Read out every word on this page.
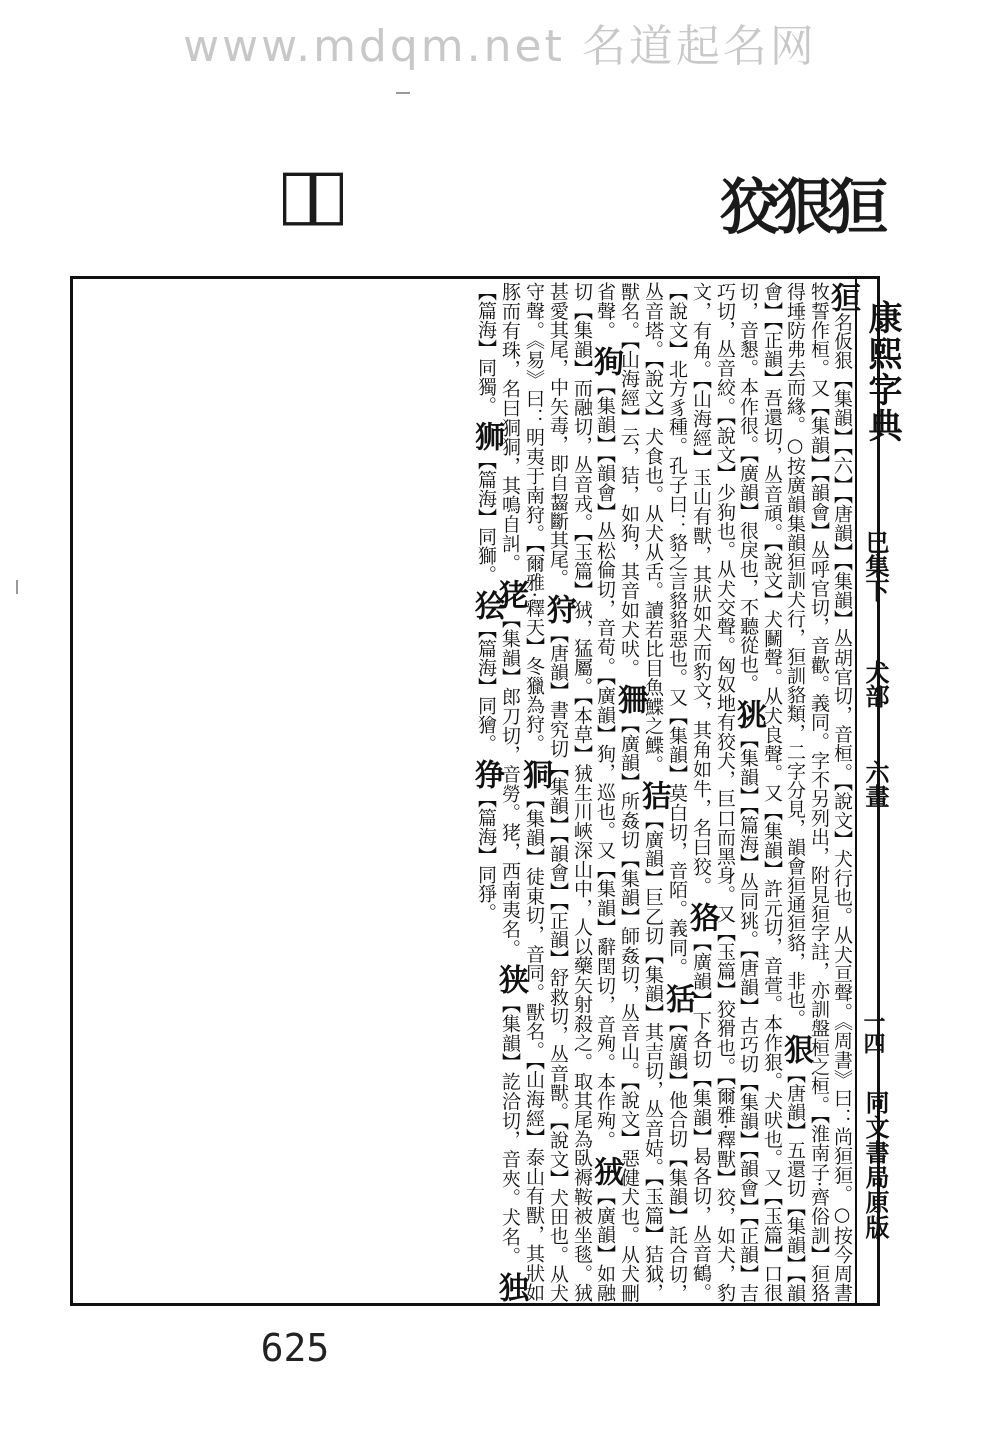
www.mdqm.net 名道起名网
𤟷𤞱	狡狠狟
康熙字典
巳集下
犬部
六畫
一四
同文書局原版
狟名仮狠【集韻】【六】【唐韻】【集韻】丛胡官切，音桓。【說文】犬行也。从犬亘聲。《周書》曰：尚狟狟。○按今周書牧誓作桓。又【集韻】【韻會】丛呼官切，音歡。義同。字不另列出，附見狟字註，亦訓盤桓之桓。【淮南子·齊俗訓】狟狢得埵防弗去而緣。○按廣韻集韻狟訓犬行，狟訓貉類，二字分見，韻會狟通狟貉，非也。 狠【唐韻】五還切【集韻】【韻會】【正韻】吾還切，丛音頑。【說文】犬鬭聲。从犬良聲。又【集韻】許元切，音萱。本作狠。犬吠也。又【玉篇】口很切，音懇。本作很。【廣韻】很戾也，不聽從也。 狣【集韻】【篇海】丛同狣。【唐韻】古巧切【集韻】【韻會】【正韻】吉巧切，丛音絞。【說文】少狗也。从犬交聲。匈奴地有狡犬，巨口而黑身。又【玉篇】狡猾也。【爾雅·釋獸】狡，如犬，豹文，有角。【山海經】玉山有獸，其狀如犬而豹文，其角如牛，名曰狡。 狢【廣韻】下各切【集韻】曷各切，丛音鶴。【說文】北方豸種。孔子曰：貉之言貉貉惡也。又【集韻】莫白切，音陌。義同。 狧【廣韻】他合切【集韻】託合切，丛音塔。【說文】犬食也。从犬从舌。讀若比目魚鰈之鰈。 狤【廣韻】巨乙切【集韻】其吉切，丛音姞。【玉篇】狤狘，獸名。【山海經】云，狤，如狗，其音如犬吠。 狦【廣韻】所姦切【集韻】師姦切，丛音山。【說文】惡健犬也。从犬刪省聲。 狥【集韻】【韻會】丛松倫切，音荀。【廣韻】狥，巡也。又【集韻】辭閏切，音殉。本作殉。 狨【廣韻】如融切【集韻】而融切，丛音戎。【玉篇】狨，猛屬。【本草】狨生川峽深山中，人以藥矢射殺之。取其尾為臥褥鞍被坐毯。狨甚愛其尾，中矢毒，即自齧斷其尾。 狩【唐韻】書究切【集韻】【韻會】【正韻】舒救切，丛音獸。【說文】犬田也。从犬守聲。《易》曰：明夷于南狩。【爾雅·釋天】冬獵為狩。 狪【集韻】徒東切，音同。獸名。【山海經】泰山有獸，其狀如豚而有珠，名曰狪狪，其鳴自訆。 狫【集韻】郎刀切，音勞。狫，西南夷名。 狭【集韻】訖洽切，音夾。犬名。 独【篇海】同獨。 狮【篇海】同獅。 狯【篇海】同獪。 狰【篇海】同猙。
625
